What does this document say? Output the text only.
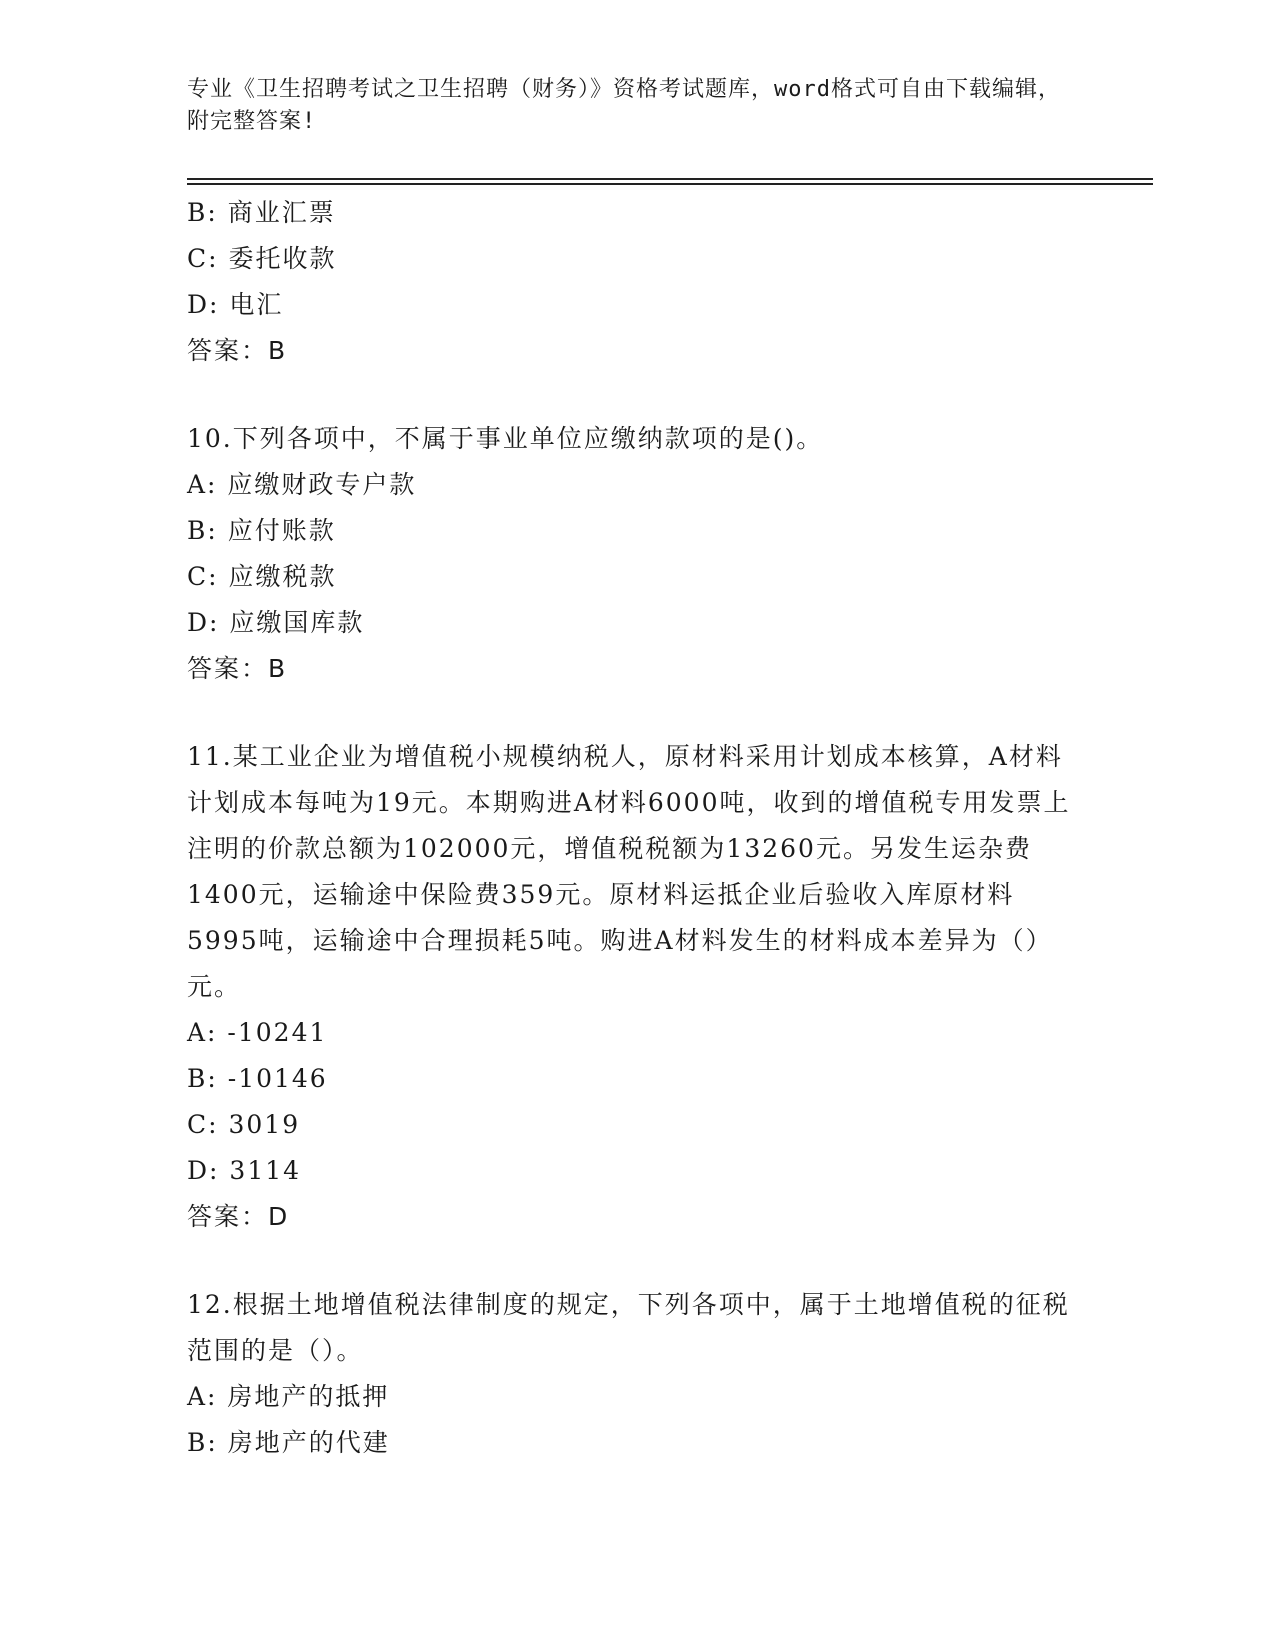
专业《卫生招聘考试之卫生招聘（财务）》资格考试题库，word格式可自由下载编辑，附完整答案!
B: 商业汇票
C: 委托收款
D: 电汇
答案：B
10.下列各项中，不属于事业单位应缴纳款项的是()。
A: 应缴财政专户款
B: 应付账款
C: 应缴税款
D: 应缴国库款
答案：B
11.某工业企业为增值税小规模纳税人，原材料采用计划成本核算，A材料计划成本每吨为19元。本期购进A材料6000吨，收到的增值税专用发票上注明的价款总额为102000元，增值税税额为13260元。另发生运杂费1400元，运输途中保险费359元。原材料运抵企业后验收入库原材料5995吨，运输途中合理损耗5吨。购进A材料发生的材料成本差异为（）元。
A: -10241
B: -10146
C: 3019
D: 3114
答案：D
12.根据土地增值税法律制度的规定，下列各项中，属于土地增值税的征税范围的是（）。
A: 房地产的抵押
B: 房地产的代建
